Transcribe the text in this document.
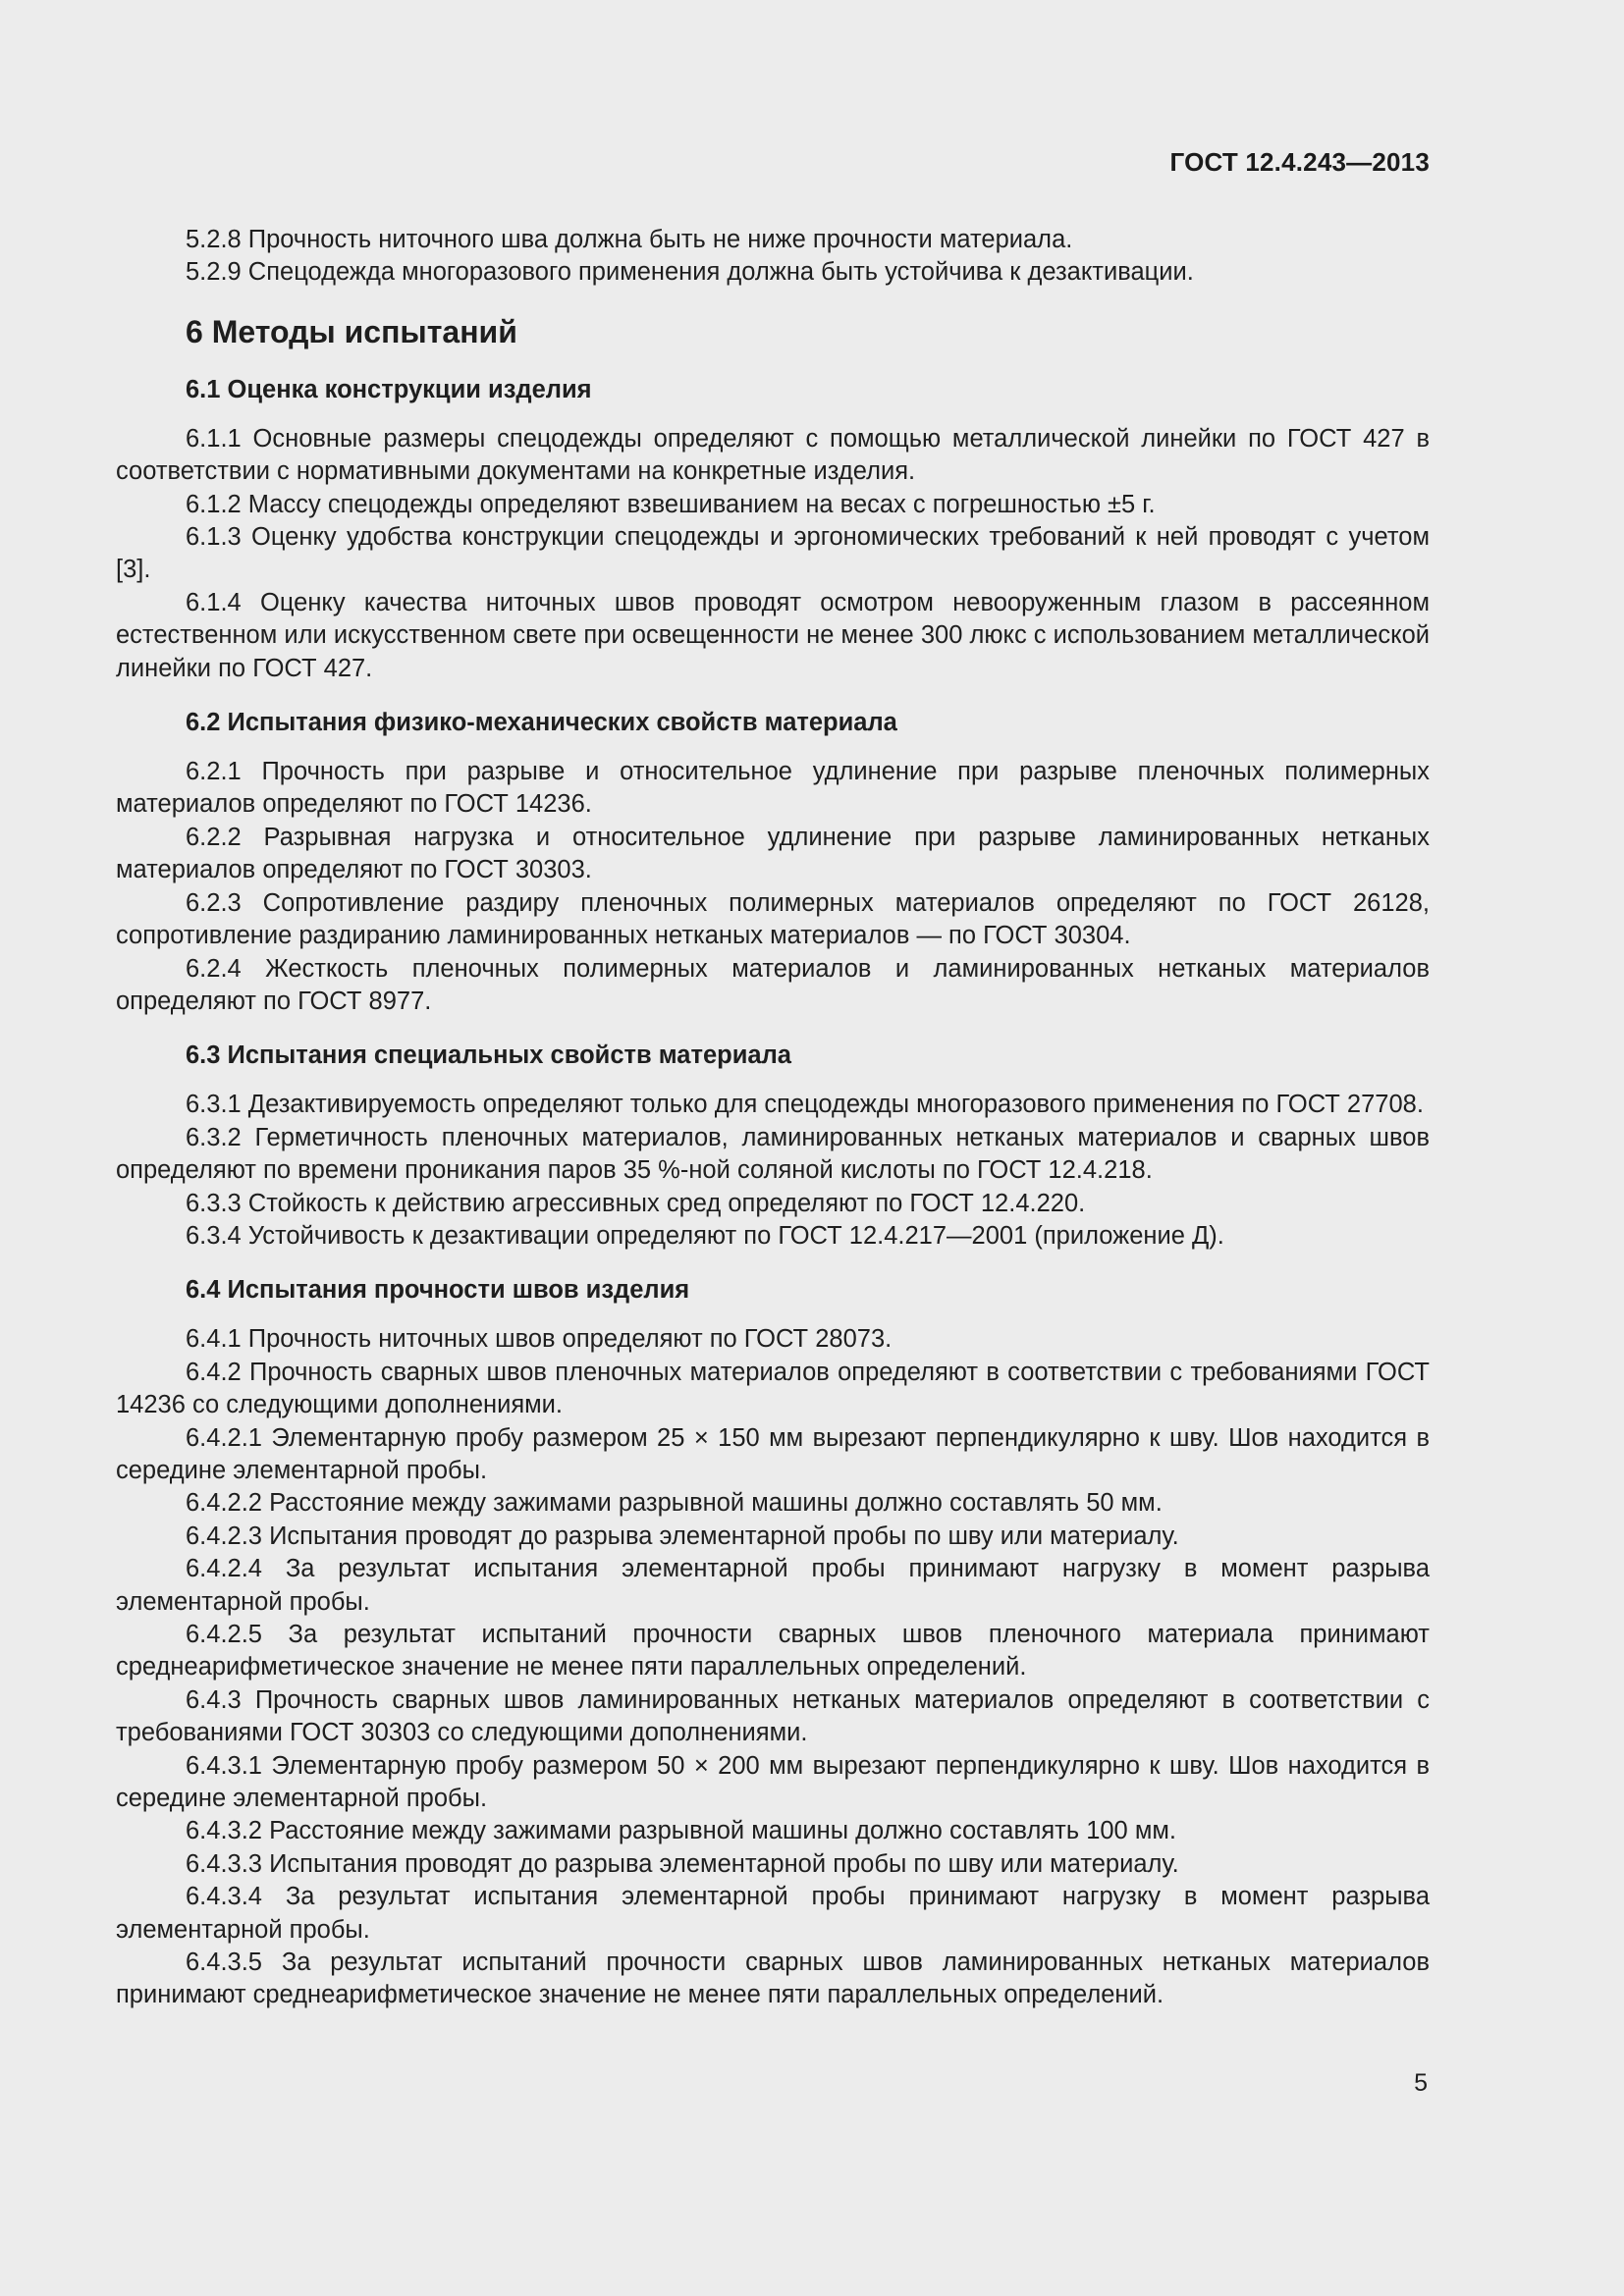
ГОСТ 12.4.243—2013

5.2.8 Прочность ниточного шва должна быть не ниже прочности материала.

5.2.9 Спецодежда многоразового применения должна быть устойчива к дезактивации.

6 Методы испытаний
6.1 Оценка конструкции изделия

6.1.1 Основные размеры спецодежды определяют с помощью металлической линейки по ГОСТ 427 в соответствии с нормативными документами на конкретные изделия.

6.1.2 Массу спецодежды определяют взвешиванием на весах с погрешностью ±5 г.

6.1.3 Оценку удобства конструкции спецодежды и эргономических требований к ней проводят с учетом [3].

6.1.4 Оценку качества ниточных швов проводят осмотром невооруженным глазом в рассеянном естественном или искусственном свете при освещенности не менее 300 люкс с использованием металлической линейки по ГОСТ 427.

6.2 Испытания физико-механических свойств материала

6.2.1 Прочность при разрыве и относительное удлинение при разрыве пленочных полимерных материалов определяют по ГОСТ 14236.

6.2.2 Разрывная нагрузка и относительное удлинение при разрыве ламинированных нетканых материалов определяют по ГОСТ 30303.

6.2.3 Сопротивление раздиру пленочных полимерных материалов определяют по ГОСТ 26128, сопротивление раздиранию ламинированных нетканых материалов — по ГОСТ 30304.

6.2.4 Жесткость пленочных полимерных материалов и ламинированных нетканых материалов определяют по ГОСТ 8977.

6.3 Испытания специальных свойств материала

6.3.1 Дезактивируемость определяют только для спецодежды многоразового применения по ГОСТ 27708.

6.3.2 Герметичность пленочных материалов, ламинированных нетканых материалов и сварных швов определяют по времени проникания паров 35 %-ной соляной кислоты по ГОСТ 12.4.218.

6.3.3 Стойкость к действию агрессивных сред определяют по ГОСТ 12.4.220.

6.3.4 Устойчивость к дезактивации определяют по ГОСТ 12.4.217—2001 (приложение Д).

6.4 Испытания прочности швов изделия

6.4.1 Прочность ниточных швов определяют по ГОСТ 28073.

6.4.2 Прочность сварных швов пленочных материалов определяют в соответствии с требованиями ГОСТ 14236 со следующими дополнениями.

6.4.2.1 Элементарную пробу размером 25 × 150 мм вырезают перпендикулярно к шву. Шов находится в середине элементарной пробы.

6.4.2.2 Расстояние между зажимами разрывной машины должно составлять 50 мм.

6.4.2.3 Испытания проводят до разрыва элементарной пробы по шву или материалу.

6.4.2.4 За результат испытания элементарной пробы принимают нагрузку в момент разрыва элементарной пробы.

6.4.2.5 За результат испытаний прочности сварных швов пленочного материала принимают среднеарифметическое значение не менее пяти параллельных определений.

6.4.3 Прочность сварных швов ламинированных нетканых материалов определяют в соответствии с требованиями ГОСТ 30303 со следующими дополнениями.

6.4.3.1 Элементарную пробу размером 50 × 200 мм вырезают перпендикулярно к шву. Шов находится в середине элементарной пробы.

6.4.3.2 Расстояние между зажимами разрывной машины должно составлять 100 мм.

6.4.3.3 Испытания проводят до разрыва элементарной пробы по шву или материалу.

6.4.3.4 За результат испытания элементарной пробы принимают нагрузку в момент разрыва элементарной пробы.

6.4.3.5 За результат испытаний прочности сварных швов ламинированных нетканых материалов принимают среднеарифметическое значение не менее пяти параллельных определений.

5
